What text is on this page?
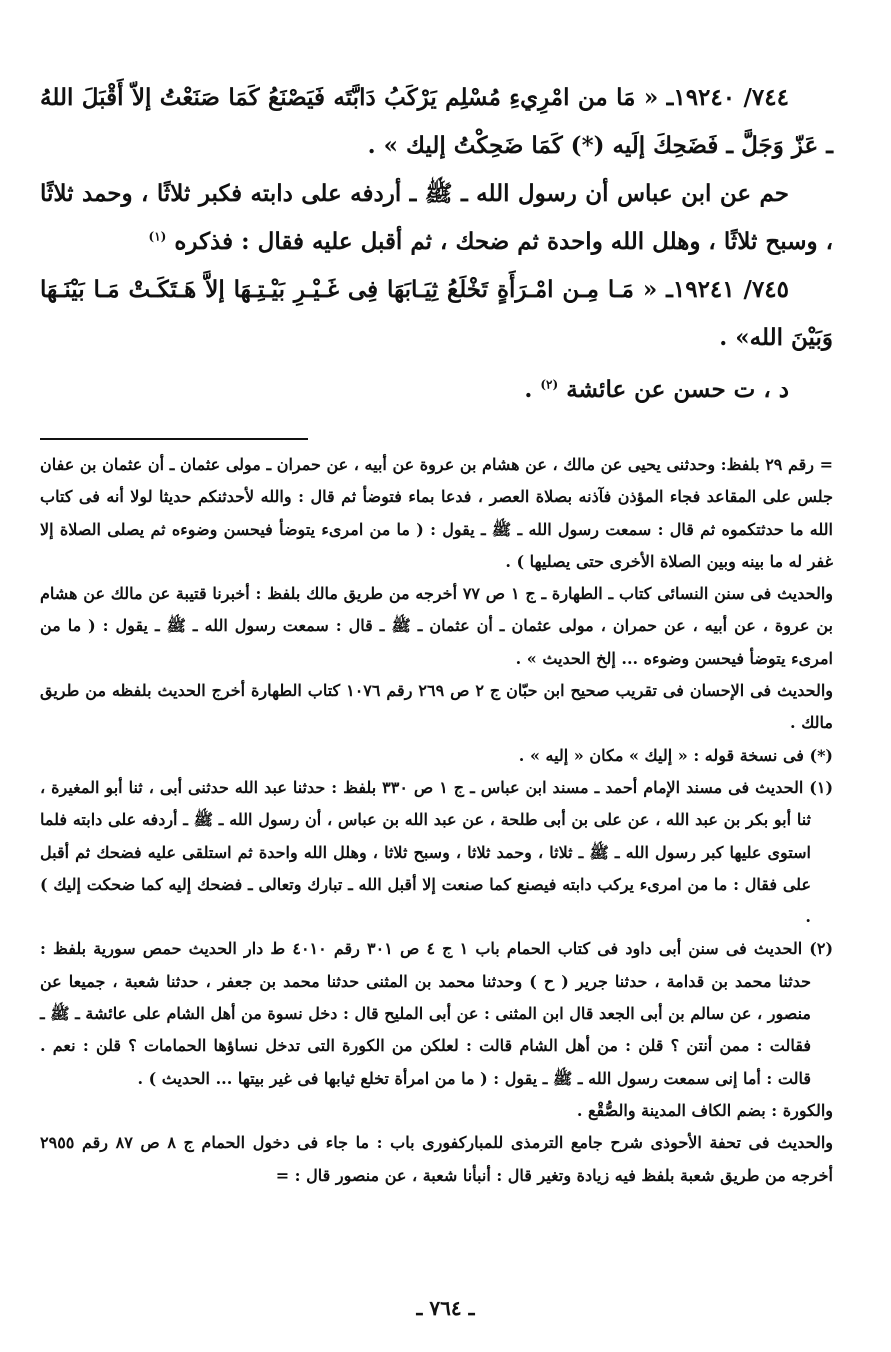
٧٤٤/ ١٩٢٤٠ـ « مَا من امْرِيءِ مُسْلِم يَرْكَبُ دَابَّتَه فَيَصْنَعُ كَمَا صَنَعْتُ إلاّ أَقْبَلَ اللهُ ـ عَزّ وَجَلَّ ـ فَضَحِكَ إلَيه (*) كَمَا ضَحِكْتُ إليك » .

حم عن ابن عباس أن رسول الله ـ ﷺ ـ أردفه على دابته فكبر ثلاثًا ، وحمد ثلاثًا ، وسبح ثلاثًا ، وهلل الله واحدة ثم ضحك ، ثم أقبل عليه فقال : فذكره $^{(١)}$

٧٤٥/ ١٩٢٤١ـ « مَـا مِـن امْـرَأَةٍ تَخْلَعُ ثِيَـابَهَا فِى غَـيْـرِ بَيْـتِـهَا إلاَّ هَـتَكَـتْ مَـا بَيْنَـهَا وَبَيْنَ الله» .

د ، ت حسن عن عائشة $^{(٢)}$ .

= رقم ٢٩ بلفظ: وحدثنى يحيى عن مالك ، عن هشام بن عروة عن أبيه ، عن حمران ـ مولى عثمان ـ أن عثمان بن عفان جلس على المقاعد فجاء المؤذن فآذنه بصلاة العصر ، فدعا بماء فتوضأ ثم قال : والله لأحدثنكم حديثا لولا أنه فى كتاب الله ما حدثتكموه ثم قال : سمعت رسول الله ـ ﷺ ـ يقول : ( ما من امرىء يتوضأ فيحسن وضوءه ثم يصلى الصلاة إلا غفر له ما بينه وبين الصلاة الأخرى حتى يصليها ) .

والحديث فى سنن النسائى كتاب ـ الطهارة ـ ج ١ ص ٧٧ أخرجه من طريق مالك بلفظ : أخبرنا قتيبة عن مالك عن هشام بن عروة ، عن أبيه ، عن حمران ، مولى عثمان ـ أن عثمان ـ ﷺ ـ قال : سمعت رسول الله ـ ﷺ ـ يقول : ( ما من امرىء يتوضأ فيحسن وضوءه ... إلخ الحديث » .

والحديث فى الإحسان فى تقريب صحيح ابن حبّان ج ٢ ص ٢٦٩ رقم ١٠٧٦ كتاب الطهارة أخرج الحديث بلفظه من طريق مالك .

(*) فى نسخة قوله : « إليك » مكان « إليه » .

(١) الحديث فى مسند الإمام أحمد ـ مسند ابن عباس ـ ج ١ ص ٣٣٠ بلفظ : حدثنا عبد الله حدثنى أبى ، ثنا أبو المغيرة ، ثنا أبو بكر بن عبد الله ، عن على بن أبى طلحة ، عن عبد الله بن عباس ، أن رسول الله ـ ﷺ ـ أردفه على دابته فلما استوى عليها كبر رسول الله ـ ﷺ ـ ثلاثا ، وحمد ثلاثا ، وسبح ثلاثا ، وهلل الله واحدة ثم استلقى عليه فضحك ثم أقبل على فقال : ما من امرىء يركب دابته فيصنع كما صنعت إلا أقبل الله ـ تبارك وتعالى ـ فضحك إليه كما ضحكت إليك ) .

(٢) الحديث فى سنن أبى داود فى كتاب الحمام باب ١ ج ٤ ص ٣٠١ رقم ٤٠١٠ ط دار الحديث حمص سورية بلفظ : حدثنا محمد بن قدامة ، حدثنا جرير ( ح ) وحدثنا محمد بن المثنى حدثنا محمد بن جعفر ، حدثنا شعبة ، جميعا عن منصور ، عن سالم بن أبى الجعد قال ابن المثنى : عن أبى المليح قال : دخل نسوة من أهل الشام على عائشة ـ ﷺ ـ فقالت : ممن أنتن ؟ قلن : من أهل الشام قالت : لعلكن من الكورة التى تدخل نساؤها الحمامات ؟ قلن : نعم . قالت : أما إنى سمعت رسول الله ـ ﷺ ـ يقول : ( ما من امرأة تخلع ثيابها فى غير بيتها ... الحديث ) .

والكورة : بضم الكاف المدينة والصُّقْع .

والحديث فى تحفة الأحوذى شرح جامع الترمذى للمباركفورى باب : ما جاء فى دخول الحمام ج ٨ ص ٨٧ رقم ٢٩٥٥ أخرجه من طريق شعبة بلفظ فيه زيادة وتغير قال : أنبأنا شعبة ، عن منصور قال : =

ـ ٧٦٤ ـ
